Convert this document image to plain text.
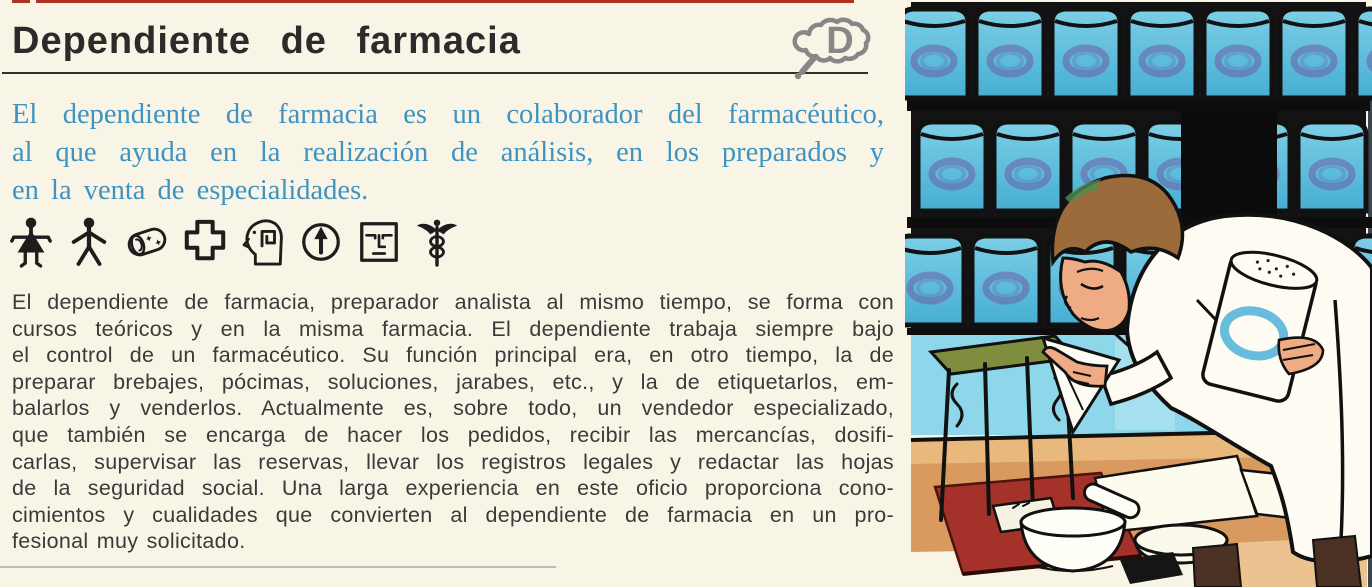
Dependiente de farmacia	D
El dependiente de farmacia es un colaborador del farmacéutico,
al que ayuda en la realización de análisis, en los preparados y
en la venta de especialidades.
El dependiente de farmacia, preparador analista al mismo tiempo, se forma con
cursos teóricos y en la misma farmacia. El dependiente trabaja siempre bajo
el control de un farmacéutico. Su función principal era, en otro tiempo, la de
preparar brebajes, pócimas, soluciones, jarabes, etc., y la de etiquetarlos, em-
balarlos y venderlos. Actualmente es, sobre todo, un vendedor especializado,
que también se encarga de hacer los pedidos, recibir las mercancías, dosifi-
carlas, supervisar las reservas, llevar los registros legales y redactar las hojas
de la seguridad social. Una larga experiencia en este oficio proporciona cono-
cimientos y cualidades que convierten al dependiente de farmacia en un pro-
fesional muy solicitado.
